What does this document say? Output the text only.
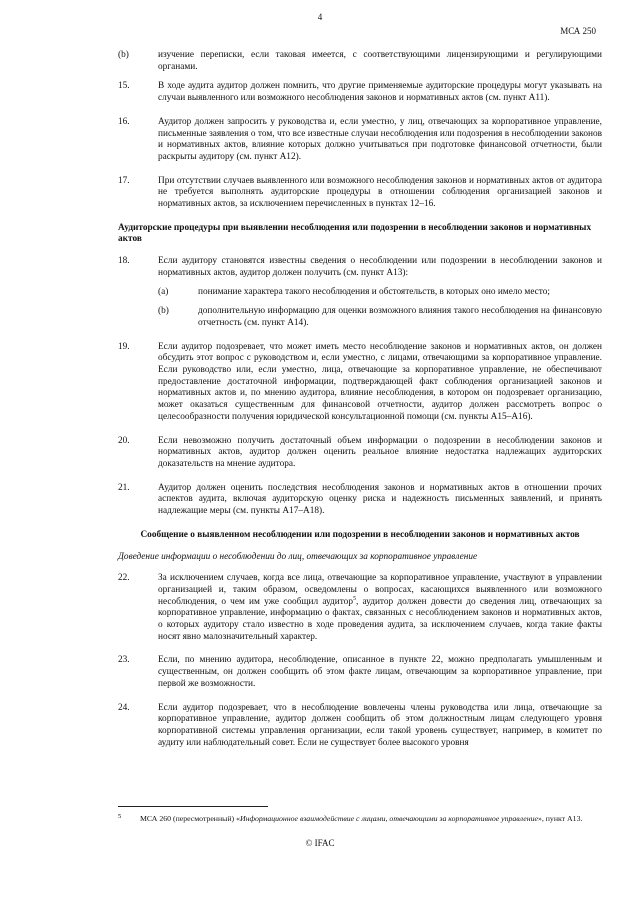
4
МСА 250
(b)	изучение переписки, если таковая имеется, с соответствующими лицензирующими и регулирующими органами.
15.	В ходе аудита аудитор должен помнить, что другие применяемые аудиторские процедуры могут указывать на случаи выявленного или возможного несоблюдения законов и нормативных актов (см. пункт A11).
16.	Аудитор должен запросить у руководства и, если уместно, у лиц, отвечающих за корпоративное управление, письменные заявления о том, что все известные случаи несоблюдения или подозрения в несоблюдении законов и нормативных актов, влияние которых должно учитываться при подготовке финансовой отчетности, были раскрыты аудитору (см. пункт A12).
17.	При отсутствии случаев выявленного или возможного несоблюдения законов и нормативных актов от аудитора не требуется выполнять аудиторские процедуры в отношении соблюдения организацией законов и нормативных актов, за исключением перечисленных в пунктах 12–16.
Аудиторские процедуры при выявлении несоблюдения или подозрении в несоблюдении законов и нормативных актов
18.	Если аудитору становятся известны сведения о несоблюдении или подозрении в несоблюдении законов и нормативных актов, аудитор должен получить (см. пункт A13):
(a)	понимание характера такого несоблюдения и обстоятельств, в которых оно имело место;
(b)	дополнительную информацию для оценки возможного влияния такого несоблюдения на финансовую отчетность (см. пункт A14).
19.	Если аудитор подозревает, что может иметь место несоблюдение законов и нормативных актов, он должен обсудить этот вопрос с руководством и, если уместно, с лицами, отвечающими за корпоративное управление. Если руководство или, если уместно, лица, отвечающие за корпоративное управление, не обеспечивают предоставление достаточной информации, подтверждающей факт соблюдения организацией законов и нормативных актов и, по мнению аудитора, влияние несоблюдения, в котором он подозревает организацию, может оказаться существенным для финансовой отчетности, аудитор должен рассмотреть вопрос о целесообразности получения юридической консультационной помощи (см. пункты A15–A16).
20.	Если невозможно получить достаточный объем информации о подозрении в несоблюдении законов и нормативных актов, аудитор должен оценить реальное влияние недостатка надлежащих аудиторских доказательств на мнение аудитора.
21.	Аудитор должен оценить последствия несоблюдения законов и нормативных актов в отношении прочих аспектов аудита, включая аудиторскую оценку риска и надежность письменных заявлений, и принять надлежащие меры (см. пункты A17–A18).
Сообщение о выявленном несоблюдении или подозрении в несоблюдении законов и нормативных актов
Доведение информации о несоблюдении до лиц, отвечающих за корпоративное управление
22.	За исключением случаев, когда все лица, отвечающие за корпоративное управление, участвуют в управлении организацией и, таким образом, осведомлены о вопросах, касающихся выявленного или возможного несоблюдения, о чем им уже сообщил аудитор$^5$, аудитор должен довести до сведения лиц, отвечающих за корпоративное управление, информацию о фактах, связанных с несоблюдением законов и нормативных актов, о которых аудитору стало известно в ходе проведения аудита, за исключением случаев, когда такие факты носят явно малозначительный характер.
23.	Если, по мнению аудитора, несоблюдение, описанное в пункте 22, можно предполагать умышленным и существенным, он должен сообщить об этом факте лицам, отвечающим за корпоративное управление, при первой же возможности.
24.	Если аудитор подозревает, что в несоблюдение вовлечены члены руководства или лица, отвечающие за корпоративное управление, аудитор должен сообщить об этом должностным лицам следующего уровня корпоративной системы управления организации, если такой уровень существует, например, в комитет по аудиту или наблюдательный совет. Если не существует более высокого уровня
5	МСА 260 (пересмотренный) «Информационное взаимодействие с лицами, отвечающими за корпоративное управление», пункт A13.
© IFAC
